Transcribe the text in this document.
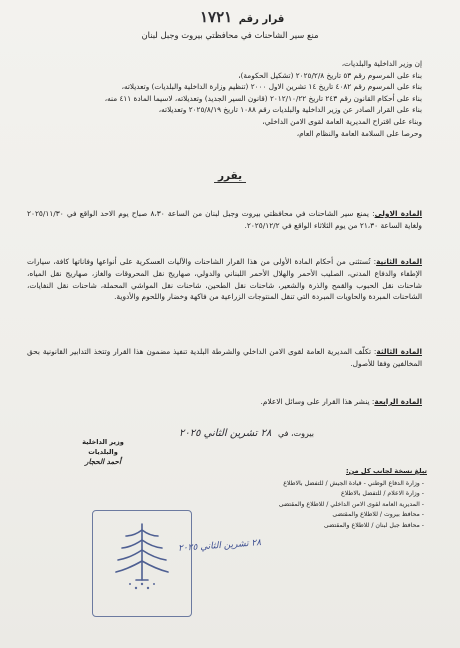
قرار رقم ١٧٢١
منع سير الشاحنات في محافظتي بيروت وجبل لبنان
إن وزير الداخلية والبلديات،
بناء على المرسوم رقم ٥٣ تاريخ ٢٠٢٥/٢/٨ (تشكيل الحكومة)،
بناء على المرسوم رقم ٤٠٨٢ تاريخ ١٤ تشرين الاول ٢٠٠٠ (تنظيم وزارة الداخلية والبلديات) وتعديلاته،
بناء على أحكام القانون رقم ٢٤٣ تاريخ ٢٠١٢/١٠/٢٢ (قانون السير الجديد) وتعديلاته، لاسيما المادة ٤١١ منه،
بناء على القرار الصادر عن وزير الداخلية والبلديات رقم ١٠٨٨ تاريخ ٢٠٢٥/٨/١٩ وتعديلاته،
وبناء على اقتراح المديرية العامة لقوى الامن الداخلي،
وحرصا على السلامة العامة والنظام العام،
يقرر
المادة الاولى: يمنع سير الشاحنات في محافظتي بيروت وجبل لبنان من الساعة ٨،٣٠ صباح يوم الاحد الواقع في ٢٠٢٥/١١/٣٠ ولغاية الساعة ٢١،٣٠ من يوم الثلاثاء الواقع في ٢٠٢٥/١٢/٢.
المادة الثانية: تُستثنى من أحكام المادة الأولى من هذا القرار الشاحنات والآليات العسكرية على أنواعها وفاناتها كافة، سيارات الإطفاء والدفاع المدني، الصليب الأحمر والهلال الأحمر اللبناني والدولي، صهاريج نقل المحروقات والغاز، صهاريج نقل المياه، شاحنات نقل الحبوب والقمح والذرة والشعير، شاحنات نقل الطحين، شاحنات نقل المواشي المحملة، شاحنات نقل النفايات، الشاحنات المبردة والحاويات المبردة التي تنقل المنتوجات الزراعية من فاكهة وخضار واللحوم والأدوية.
المادة الثالثة: تكلّف المديرية العامة لقوى الامن الداخلي والشرطة البلدية تنفيذ مضمون هذا القرار وتتخذ التدابير القانونية بحق المخالفين وفقا للأصول.
المادة الرابعة: ينشر هذا القرار على وسائل الاعلام.
بيروت، في ٢٨ تشرين الثاني ٢٠٢٥
وزير الداخلية والبلديات
أحمد الحجار
تبلغ نسخة لجانب كل من:
- وزارة الدفاع الوطني - قيادة الجيش / للتفضل بالاطلاع
- وزارة الاعلام / للتفضل بالاطلاع
- المديرية العامة لقوى الامن الداخلي / للاطلاع والمقتضى
- محافظ بيروت / للاطلاع والمقتضى
- محافظ جبل لبنان / للاطلاع والمقتضى
٢٨ تشرين الثاني ٢٠٢٥
